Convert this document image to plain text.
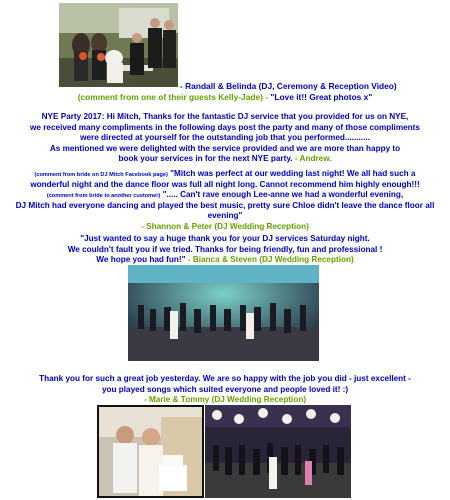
- Randall & Belinda (DJ, Ceremony & Reception Video)
(comment from one of their guests Kelly-Jade) - "Love it!! Great photos x"
NYE Party 2017: Hi Mitch, Thanks for the fantastic DJ service that you provided for us on NYE,
we received many compliments in the following days post the party and many of those compliments
were directed at yourself for the outstanding job that you performed...........
As mentioned we were delighted with the service provided and we are more than happy to
book your services in for the next NYE party. - Andrew.
(comment from bride on DJ Mitch Facebook page) "Mitch was perfect at our wedding last night! We all had such a
wonderful night and the dance floor was full all night long. Cannot recommend him highly enough!!!
(comment from bride to another customer) "..... Can't rave enough Lee-anne we had a wonderful evening,
DJ Mitch had everyone dancing and played the best music, pretty sure Chloe didn't leave the dance floor all evening"
- Shannon & Peter (DJ Wedding Reception)
"Just wanted to say a huge thank you for your DJ services Saturday night.
We couldn't fault you if we tried. Thanks for being friendly, fun and professional !
We hope you had fun!" - Bianca & Steven (DJ Wedding Reception)
Thank you for such a great job yesterday. We are so happy with the job you did - just excellent -
you played songs which suited everyone and people loved it! :)
- Marie & Tommy (DJ Wedding Reception)
